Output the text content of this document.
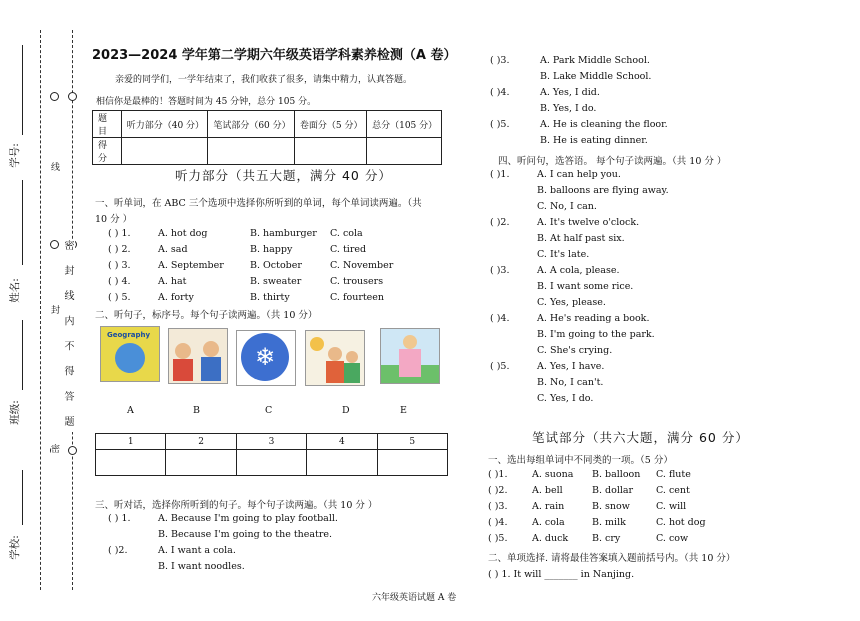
学校:
班级:
姓名:
学号:
密
封
线
密 封 线 内 不 得 答 题
2023—2024 学年第二学期六年级英语学科素养检测（A 卷）
亲爱的同学们，一学年结束了，我们收获了很多，请集中精力，认真答题。
相信你是最棒的！答题时间为 45 分钟，总分 105 分。
题目	听力部分（40 分）	笔试部分（60 分）	卷面分（5 分）	总分（105 分）
得分				
听力部分（共五大题，满分 40 分）
一、听单词，在 ABC 三个选项中选择你所听到的单词，每个单词读两遍。（共
10 分 ）
( ) 1.	A. hot dog	B. hamburger C. cola
( ) 2.	A. sad	B. happy	C. tired
( ) 3.	A. September	B. October	C. November
( ) 4.	A. hat	B. sweater	C. trousers
( ) 5.	A. forty	B. thirty	C. fourteen
二、听句子，标序号。每个句子读两遍。（共 10 分）
Geography
❄
A	B	C	D	E
1	2	3	4	5

三、听对话，选择你所听到的句子。每个句子读两遍。（共 10 分 ）
( ) 1.	A. Because I'm going to play football.
B. Because I'm going to the theatre.
( )2.	A. I want a cola.
B. I want noodles.
( )3.	A. Park Middle School.
B. Lake Middle School.
( )4.	A. Yes, I did.
B. Yes, I do.
( )5.	A. He is cleaning the floor.
B. He is eating dinner.
四、听问句，选答语。 每个句子读两遍。（共 10 分 ）
( )1.	A. I can help you.
B. balloons are flying away.
C. No, I can.
( )2.	A. It's twelve o'clock.
B. At half past six.
C. It's late.
( )3.	A. A cola, please.
B. I want some rice.
C. Yes, please.
( )4.	A. He's reading a book.
B. I'm going to the park.
C. She's crying.
( )5.	A. Yes, I have.
B. No, I can't.
C. Yes, I do.
笔试部分（共六大题，满分 60 分）
一、选出每组单词中不同类的一项。（5 分）
( )1.	A. suona B. balloon C. flute
( )2.	A. bell	B. dollar C. cent
( )3.	A. rain	B. snow	C. will
( )4.	A. cola	B. milk	C. hot dog
( )5.	A. duck	B. cry	C. cow
二、单项选择. 请将最佳答案填入题前括号内。（共 10 分）
( ) 1. It will _______ in Nanjing.
六年级英语试题 A 卷
